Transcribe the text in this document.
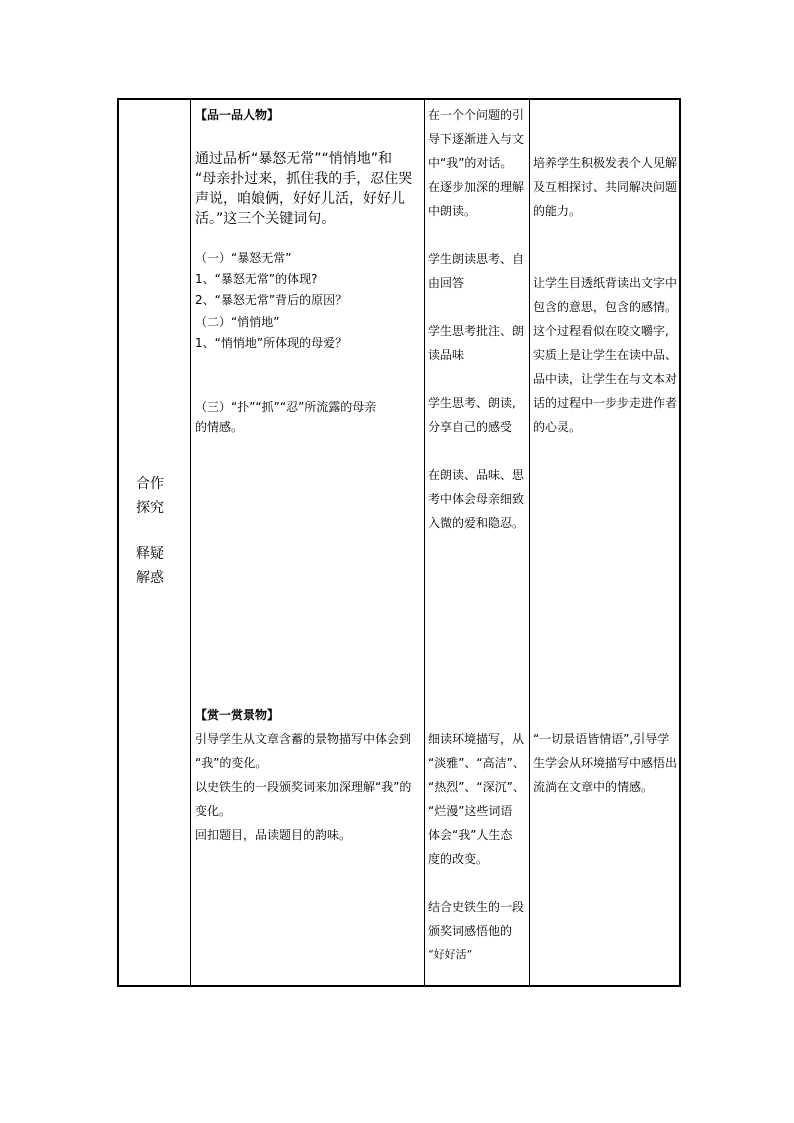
合作
探究
释疑
解惑
【品一品人物】
通过品析“暴怒无常”“悄悄地”和
“母亲扑过来，抓住我的手，忍住哭
声说，咱娘俩，好好儿活，好好儿
活。”这三个关键词句。
（一）“暴怒无常”
1、“暴怒无常”的体现?
2、“暴怒无常”背后的原因？
（二）“悄悄地”
1、“悄悄地”所体现的母爱？
（三）“扑”“抓”“忍”所流露的母亲
的情感。
在一个个问题的引
导下逐渐进入与文
中“我”的对话。
在逐步加深的理解
中朗读。
学生朗读思考、自
由回答
学生思考批注、朗
读品味
学生思考、朗读,
分享自己的感受
在朗读、品味、思
考中体会母亲细致
入微的爱和隐忍。
培养学生积极发表个人见解
及互相探讨、共同解决问题
的能力。
让学生目透纸背读出文字中
包含的意思，包含的感情。
这个过程看似在咬文嚼字,
实质上是让学生在读中品、
品中读，让学生在与文本对
话的过程中一步步走进作者
的心灵。
【赏一赏景物】
引导学生从文章含蓄的景物描写中体会到
“我”的变化。
以史铁生的一段颁奖词来加深理解“我”的
变化。
回扣题目，品读题目的韵味。
细读环境描写，从
“淡雅”、“高洁”、
“热烈”、“深沉”、
“烂漫”这些词语
体会“我”人生态
度的改变。
结合史铁生的一段
颁奖词感悟他的
“好好活”
“一切景语皆情语”,引导学
生学会从环境描写中感悟出
流淌在文章中的情感。
